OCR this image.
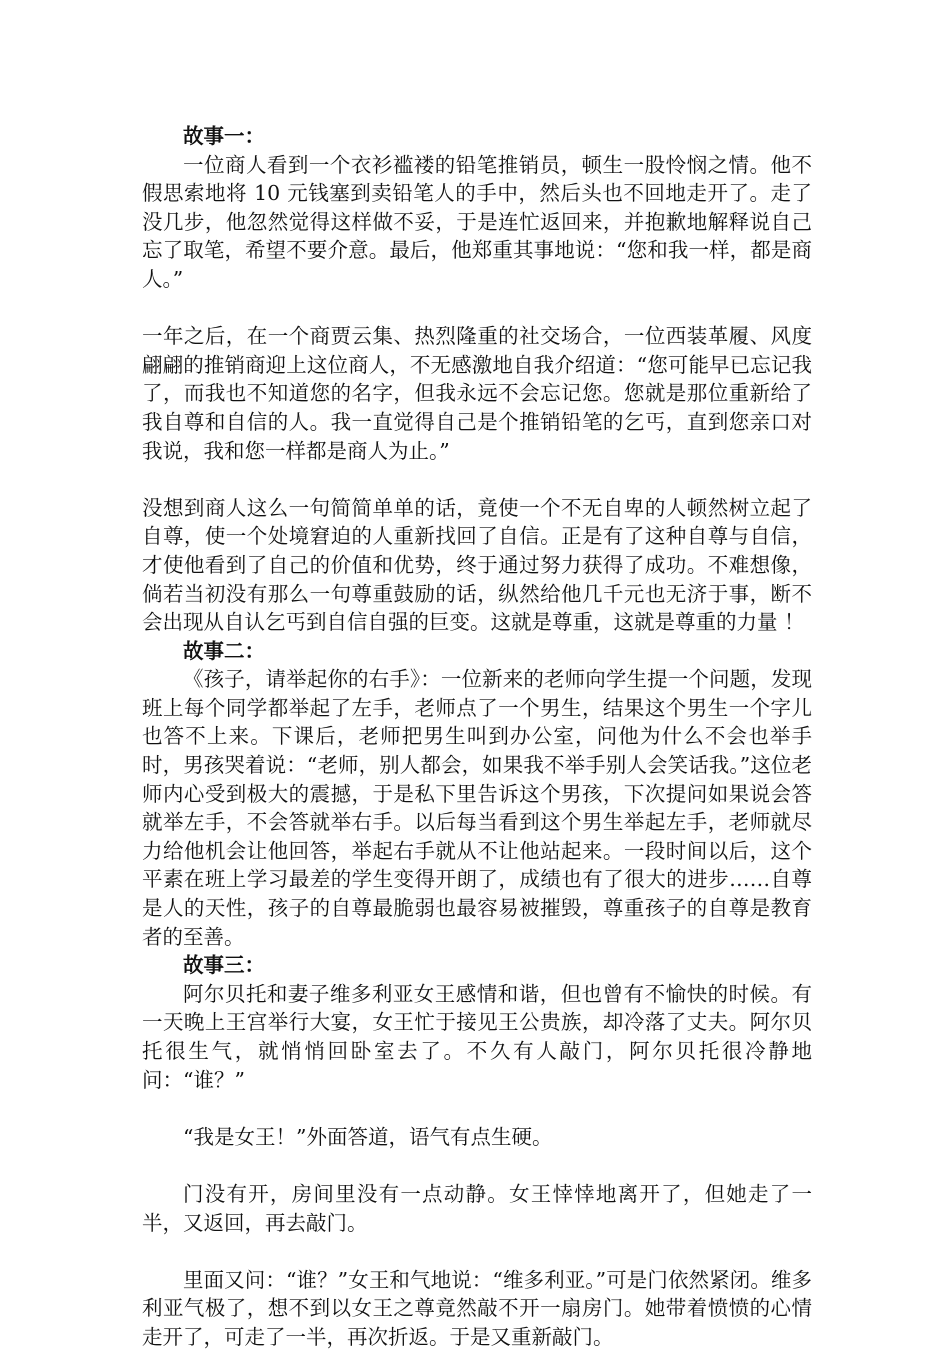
故事一：

一位商人看到一个衣衫褴褛的铅笔推销员，顿生一股怜悯之情。他不假思索地将 10 元钱塞到卖铅笔人的手中，然后头也不回地走开了。走了没几步，他忽然觉得这样做不妥，于是连忙返回来，并抱歉地解释说自己忘了取笔，希望不要介意。最后，他郑重其事地说：“您和我一样，都是商人。”

一年之后，在一个商贾云集、热烈隆重的社交场合，一位西装革履、风度翩翩的推销商迎上这位商人，不无感激地自我介绍道：“您可能早已忘记我了，而我也不知道您的名字，但我永远不会忘记您。您就是那位重新给了我自尊和自信的人。我一直觉得自己是个推销铅笔的乞丐，直到您亲口对我说，我和您一样都是商人为止。”

没想到商人这么一句简简单单的话，竟使一个不无自卑的人顿然树立起了自尊，使一个处境窘迫的人重新找回了自信。正是有了这种自尊与自信，才使他看到了自己的价值和优势，终于通过努力获得了成功。不难想像，倘若当初没有那么一句尊重鼓励的话，纵然给他几千元也无济于事，断不会出现从自认乞丐到自信自强的巨变。这就是尊重，这就是尊重的力量 ！

故事二：

《孩子，请举起你的右手》：一位新来的老师向学生提一个问题，发现班上每个同学都举起了左手，老师点了一个男生，结果这个男生一个字儿也答不上来。下课后，老师把男生叫到办公室，问他为什么不会也举手时，男孩哭着说：“老师，别人都会，如果我不举手别人会笑话我。”这位老师内心受到极大的震撼，于是私下里告诉这个男孩，下次提问如果说会答就举左手，不会答就举右手。以后每当看到这个男生举起左手，老师就尽力给他机会让他回答，举起右手就从不让他站起来。一段时间以后，这个平素在班上学习最差的学生变得开朗了，成绩也有了很大的进步……自尊是人的天性，孩子的自尊最脆弱也最容易被摧毁，尊重孩子的自尊是教育者的至善。

故事三：

阿尔贝托和妻子维多利亚女王感情和谐，但也曾有不愉快的时候。有一天晚上王宫举行大宴，女王忙于接见王公贵族，却冷落了丈夫。阿尔贝托很生气，就悄悄回卧室去了。不久有人敲门，阿尔贝托很冷静地问：“谁？”

“我是女王！”外面答道，语气有点生硬。

门没有开，房间里没有一点动静。女王悻悻地离开了，但她走了一半，又返回，再去敲门。

里面又问：“谁？”女王和气地说：“维多利亚。”可是门依然紧闭。维多利亚气极了，想不到以女王之尊竟然敲不开一扇房门。她带着愤愤的心情走开了，可走了一半，再次折返。于是又重新敲门。
